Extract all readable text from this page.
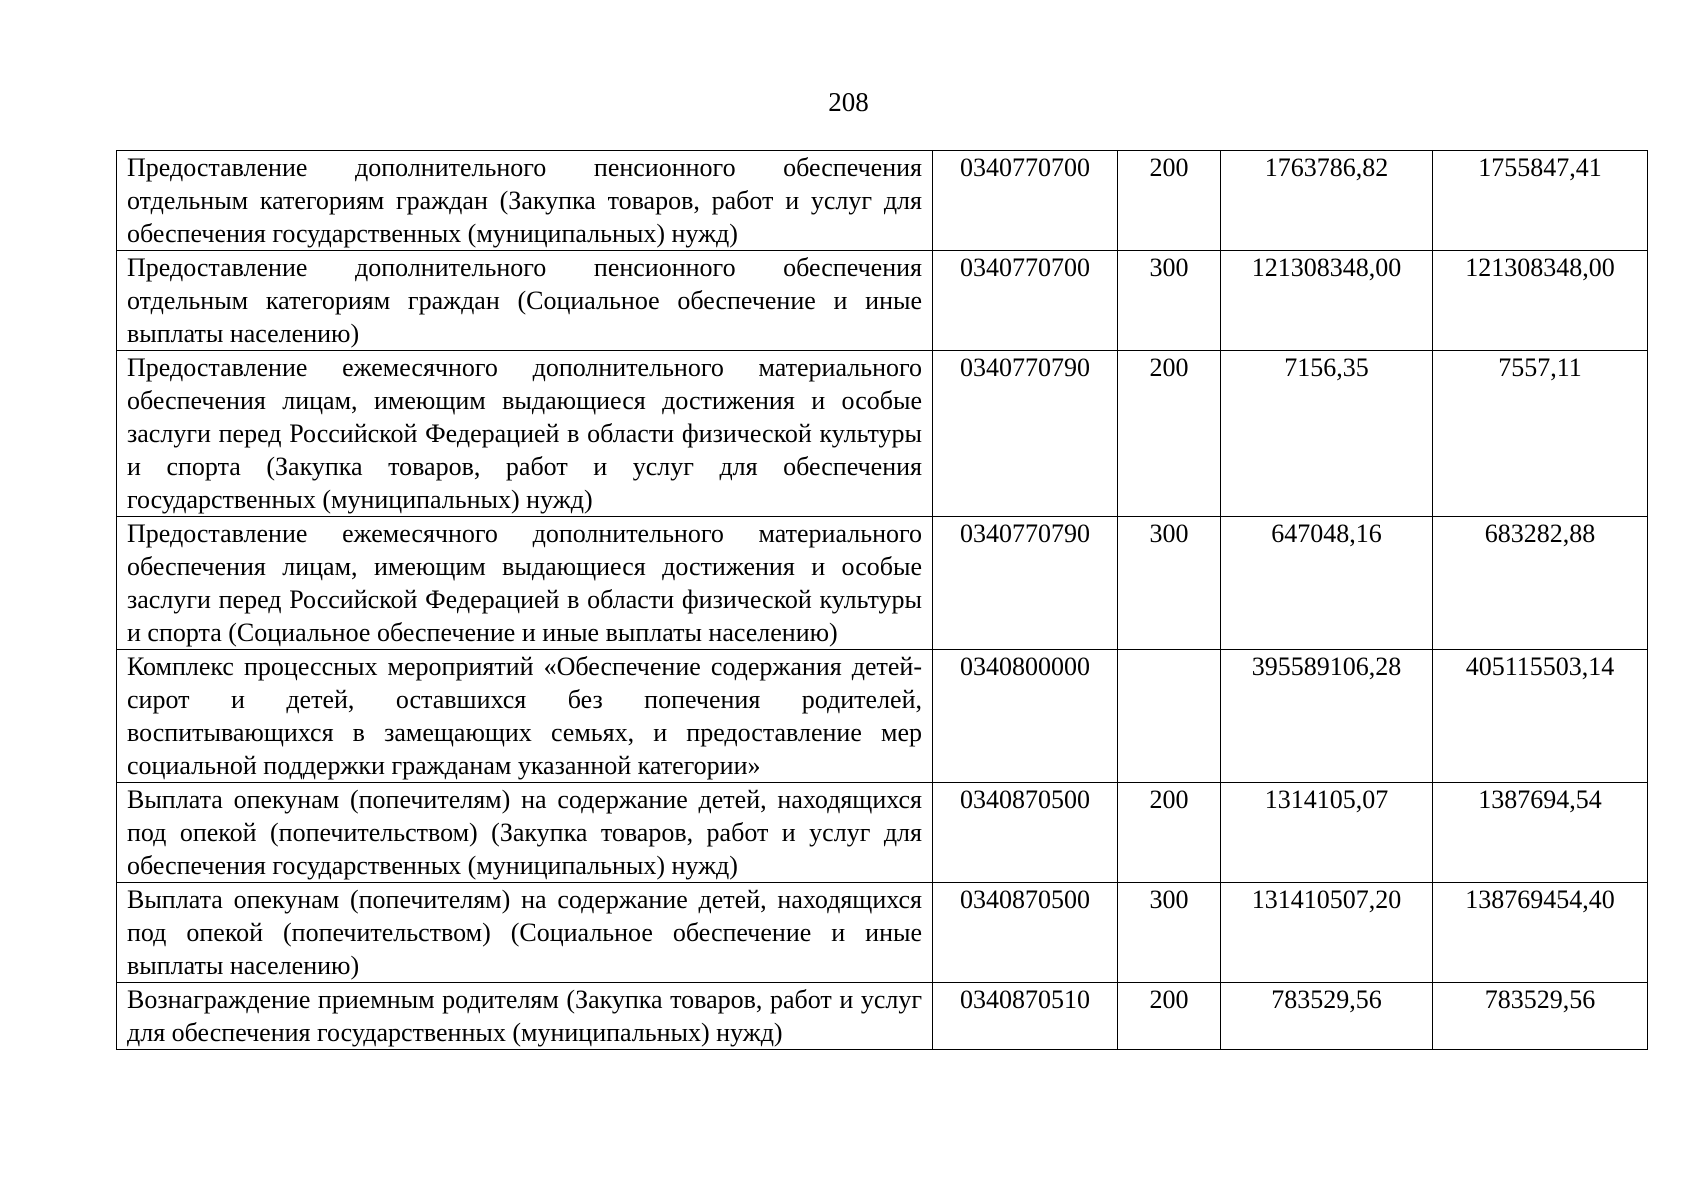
208
Предоставление дополнительного пенсионного обеспечения отдельным категориям граждан (Закупка товаров, работ и услуг для обеспечения государственных (муниципальных) нужд)	0340770700	200	1763786,82	1755847,41
Предоставление дополнительного пенсионного обеспечения отдельным категориям граждан (Социальное обеспечение и иные выплаты населению)	0340770700	300	121308348,00	121308348,00
Предоставление ежемесячного дополнительного материального обеспечения лицам, имеющим выдающиеся достижения и особые заслуги перед Российской Федерацией в области физической культуры и спорта (Закупка товаров, работ и услуг для обеспечения государственных (муниципальных) нужд)	0340770790	200	7156,35	7557,11
Предоставление ежемесячного дополнительного материального обеспечения лицам, имеющим выдающиеся достижения и особые заслуги перед Российской Федерацией в области физической культуры и спорта (Социальное обеспечение и иные выплаты населению)	0340770790	300	647048,16	683282,88
Комплекс процессных мероприятий «Обеспечение содержания детей-сирот и детей, оставшихся без попечения родителей, воспитывающихся в замещающих семьях, и предоставление мер социальной поддержки гражданам указанной категории»	0340800000		395589106,28	405115503,14
Выплата опекунам (попечителям) на содержание детей, находящихся под опекой (попечительством) (Закупка товаров, работ и услуг для обеспечения государственных (муниципальных) нужд)	0340870500	200	1314105,07	1387694,54
Выплата опекунам (попечителям) на содержание детей, находящихся под опекой (попечительством) (Социальное обеспечение и иные выплаты населению)	0340870500	300	131410507,20	138769454,40
Вознаграждение приемным родителям (Закупка товаров, работ и услуг для обеспечения государственных (муниципальных) нужд)	0340870510	200	783529,56	783529,56
